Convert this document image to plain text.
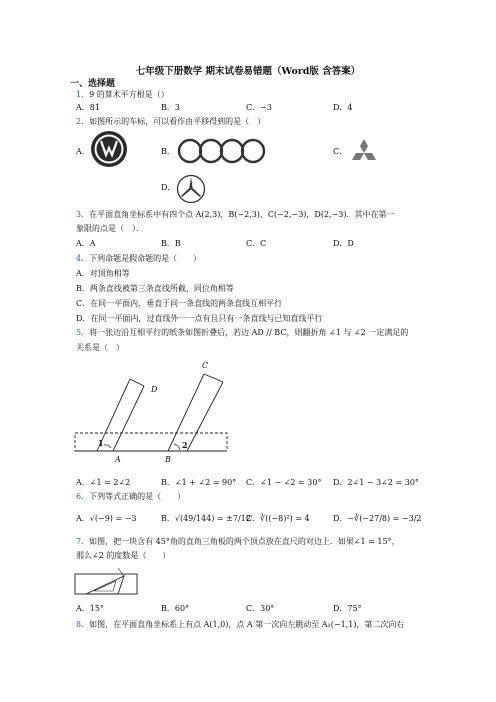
七年级下册数学 期末试卷易错题（Word版 含答案）
一、选择题
1．9 的算术平方根是（）
A．81	B．3	C．−3	D．4
2．如图所示的车标，可以看作由平移得到的是（　）
A．	B．	C．
D．
3．在平面直角坐标系中有四个点 A(2,3)，B(−2,3)，C(−2,−3)，D(2,−3)．其中在第一
象限的点是（　）．
A．A	B．B	C．C	D．D
4．下列命题是假命题的是（　　）
A．对顶角相等
B．两条直线被第三条直线所截，同位角相等
C．在同一平面内，垂直于同一条直线的两条直线互相平行
D．在同一平面内，过直线外一一点有且只有一条直线与已知直线平行
5．将一张边沿互相平行的纸条如图折叠后，若边 AD // BC，则翻折角 ∠1 与 ∠2 一定满足的
关系是（　）
C
D
1	2
A	B
A．∠1 = 2∠2	B．∠1 + ∠2 = 90° C．∠1 − ∠2 = 30° D．2∠1 − 3∠2 = 30°
6．下列等式正确的是（　　）
A．√(−9) = −3	B．√(49/144) = ±7/12
C．∛((−8)²) = 4	D．−∛(−27/8) = −3/2
7．如图，把一块含有 45°角的直角三角板的两个顶点放在直尺的对边上．如果∠1 = 15°，
那么∠2 的度数是（　　）
A．15°	B．60°	C．30°	D．75°
8．如图，在平面直角坐标系上有点 A(1,0)，点 A 第一次向左跳动至 A₁(−1,1)，第二次向右
